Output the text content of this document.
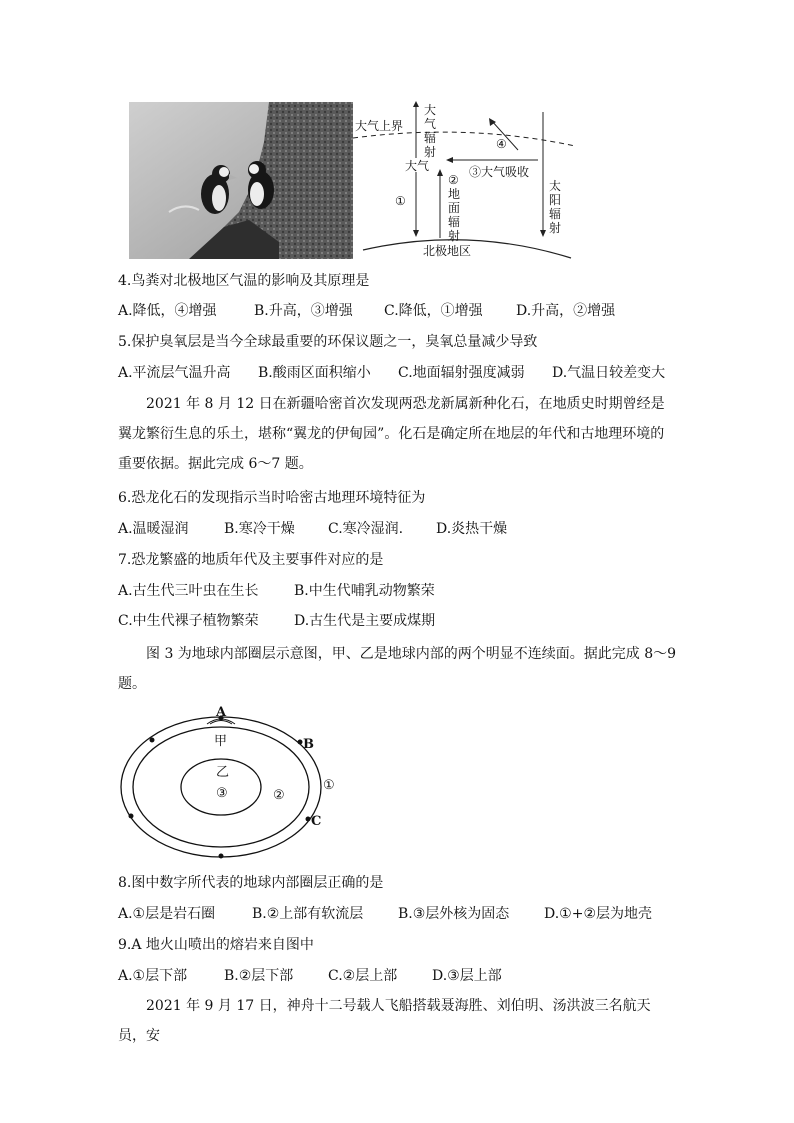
大气上界
大
气
辐
射
大气
④
③大气吸收
①
②
地
面
辐
射
太
阳
辐
射
北极地区
4.鸟粪对北极地区气温的影响及其原理是
A.降低，④增强	B.升高，③增强 C.降低，①增强 D.升高，②增强
5.保护臭氧层是当今全球最重要的环保议题之一，臭氧总量减少导致
A.平流层气温升高 B.酸雨区面积缩小 C.地面辐射强度减弱 D.气温日较差变大
2021 年 8 月 12 日在新疆哈密首次发现两恐龙新属新种化石，在地质史时期曾经是翼龙繁衍生息的乐土，堪称“翼龙的伊甸园”。化石是确定所在地层的年代和古地理环境的重要依据。据此完成 6～7 题。
6.恐龙化石的发现指示当时哈密古地理环境特征为
A.温暖湿润	B.寒冷干燥 C.寒冷湿润. D.炎热干燥
7.恐龙繁盛的地质年代及主要事件对应的是
A.古生代三叶虫在生长	B.中生代哺乳动物繁荣
C.中生代裸子植物繁荣	D.古生代是主要成煤期
图 3 为地球内部圈层示意图，甲、乙是地球内部的两个明显不连续面。据此完成 8～9 题。
A
B
C
甲
乙
①
②
③
8.图中数字所代表的地球内部圈层正确的是
A.①层是岩石圈	B.②上部有软流层 B.③层外核为固态 D.①+②层为地壳
9.A 地火山喷出的熔岩来自图中
A.①层下部	B.②层下部 C.②层上部 D.③层上部
2021 年 9 月 17 日，神舟十二号载人飞船搭载聂海胜、刘伯明、汤洪波三名航天员，安
